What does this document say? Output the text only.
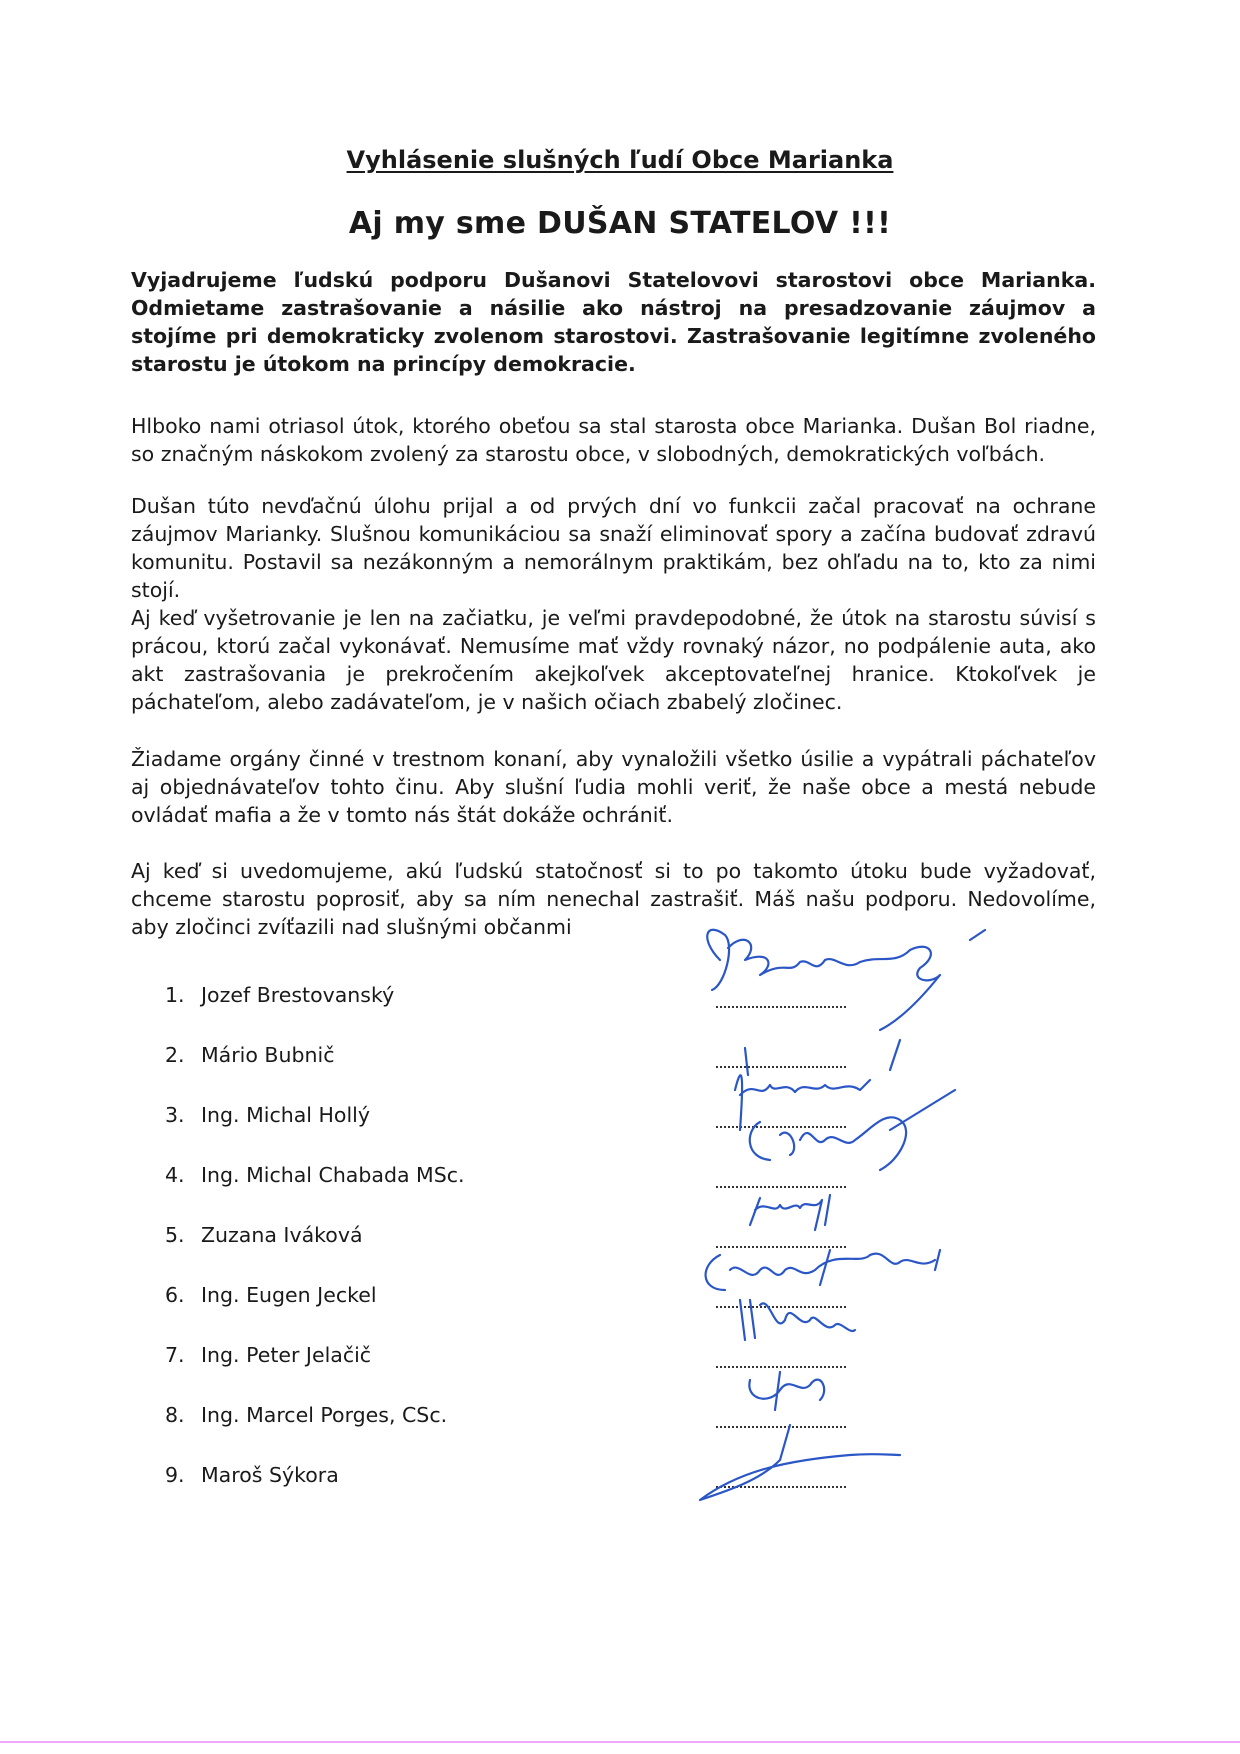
Vyhlásenie slušných ľudí Obce Marianka
Aj my sme DUŠAN STATELOV !!!

Vyjadrujeme ľudskú podporu Dušanovi Statelovovi starostovi obce Marianka. Odmietame zastrašovanie a násilie ako nástroj na presadzovanie záujmov a stojíme pri demokraticky zvolenom starostovi. Zastrašovanie legitímne zvoleného starostu je útokom na princípy demokracie.

Hlboko nami otriasol útok, ktorého obeťou sa stal starosta obce Marianka. Dušan Bol riadne, so značným náskokom zvolený za starostu obce, v slobodných, demokratických voľbách.

Dušan túto nevďačnú úlohu prijal a od prvých dní vo funkcii začal pracovať na ochrane záujmov Marianky. Slušnou komunikáciou sa snaží eliminovať spory a začína budovať zdravú komunitu. Postavil sa nezákonným a nemorálnym praktikám, bez ohľadu na to, kto za nimi stojí.

Aj keď vyšetrovanie je len na začiatku, je veľmi pravdepodobné, že útok na starostu súvisí s prácou, ktorú začal vykonávať. Nemusíme mať vždy rovnaký názor, no podpálenie auta, ako akt zastrašovania je prekročením akejkoľvek akceptovateľnej hranice. Ktokoľvek je páchateľom, alebo zadávateľom, je v našich očiach zbabelý zločinec.

Žiadame orgány činné v trestnom konaní, aby vynaložili všetko úsilie a vypátrali páchateľov aj objednávateľov tohto činu. Aby slušní ľudia mohli veriť, že naše obce a mestá nebude ovládať mafia a že v tomto nás štát dokáže ochrániť.

Aj keď si uvedomujeme, akú ľudskú statočnosť si to po takomto útoku bude vyžadovať, chceme starostu poprosiť, aby sa ním nenechal zastrašiť. Máš našu podporu. Nedovolíme, aby zločinci zvíťazili nad slušnými občanmi

1. Jozef Brestovanský
2. Mário Bubnič
3. Ing. Michal Hollý
4. Ing. Michal Chabada MSc.
5. Zuzana Iváková
6. Ing. Eugen Jeckel
7. Ing. Peter Jelačič
8. Ing. Marcel Porges, CSc.
9. Maroš Sýkora
